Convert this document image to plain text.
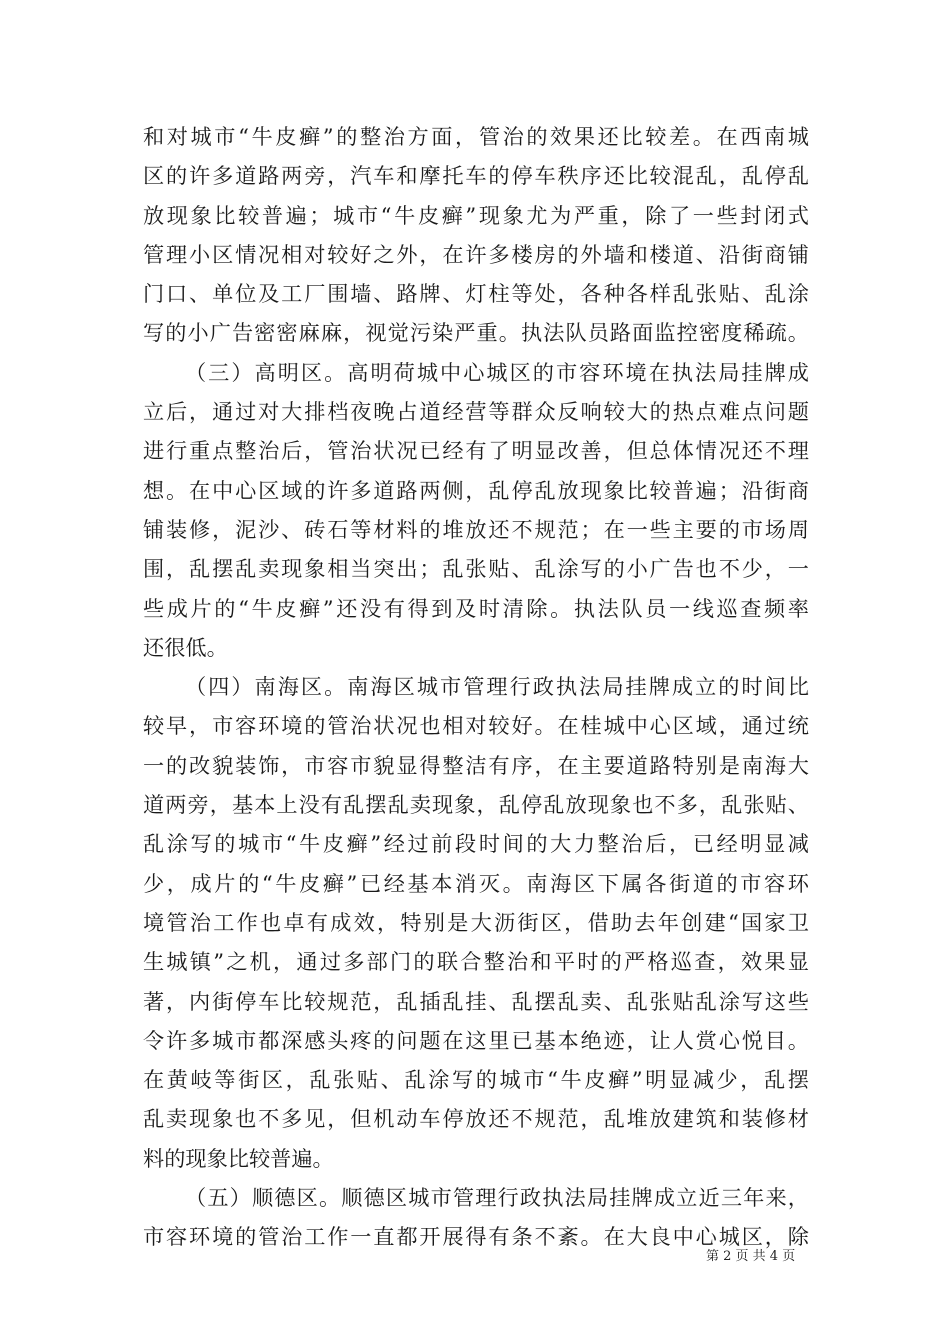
和对城市“牛皮癣”的整治方面，管治的效果还比较差。在西南城
区的许多道路两旁，汽车和摩托车的停车秩序还比较混乱，乱停乱
放现象比较普遍；城市“牛皮癣”现象尤为严重，除了一些封闭式
管理小区情况相对较好之外，在许多楼房的外墙和楼道、沿街商铺
门口、单位及工厂围墙、路牌、灯柱等处，各种各样乱张贴、乱涂
写的小广告密密麻麻，视觉污染严重。执法队员路面监控密度稀疏。
（三）高明区。高明荷城中心城区的市容环境在执法局挂牌成
立后，通过对大排档夜晚占道经营等群众反响较大的热点难点问题
进行重点整治后，管治状况已经有了明显改善，但总体情况还不理
想。在中心区域的许多道路两侧，乱停乱放现象比较普遍；沿街商
铺装修，泥沙、砖石等材料的堆放还不规范；在一些主要的市场周
围，乱摆乱卖现象相当突出；乱张贴、乱涂写的小广告也不少，一
些成片的“牛皮癣”还没有得到及时清除。执法队员一线巡查频率
还很低。
（四）南海区。南海区城市管理行政执法局挂牌成立的时间比
较早，市容环境的管治状况也相对较好。在桂城中心区域，通过统
一的改貌装饰，市容市貌显得整洁有序，在主要道路特别是南海大
道两旁，基本上没有乱摆乱卖现象，乱停乱放现象也不多，乱张贴、
乱涂写的城市“牛皮癣”经过前段时间的大力整治后，已经明显减
少，成片的“牛皮癣”已经基本消灭。南海区下属各街道的市容环
境管治工作也卓有成效，特别是大沥街区，借助去年创建“国家卫
生城镇”之机，通过多部门的联合整治和平时的严格巡查，效果显
著，内街停车比较规范，乱插乱挂、乱摆乱卖、乱张贴乱涂写这些
令许多城市都深感头疼的问题在这里已基本绝迹，让人赏心悦目。
在黄岐等街区，乱张贴、乱涂写的城市“牛皮癣”明显减少，乱摆
乱卖现象也不多见，但机动车停放还不规范，乱堆放建筑和装修材
料的现象比较普遍。
（五）顺德区。顺德区城市管理行政执法局挂牌成立近三年来，
市容环境的管治工作一直都开展得有条不紊。在大良中心城区，除
第 2 页 共 4 页
